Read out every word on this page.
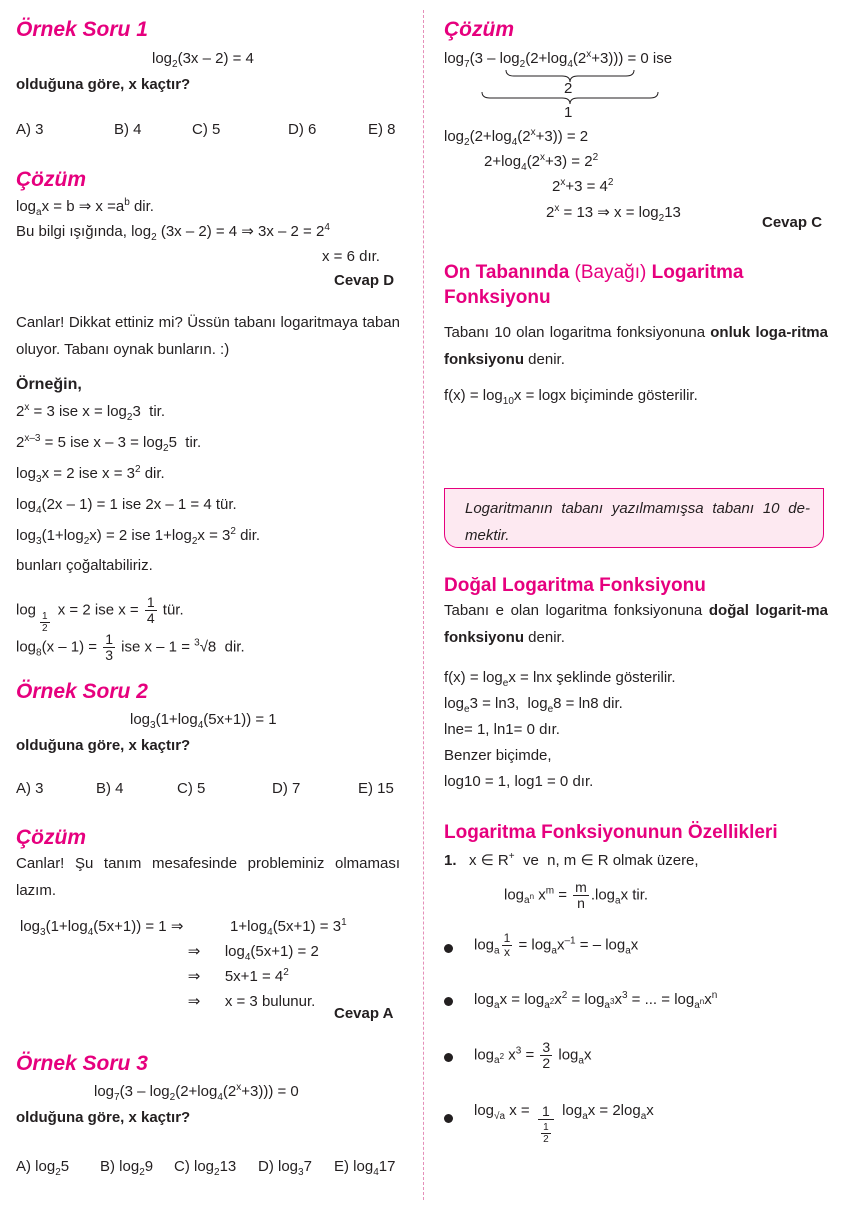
Örnek Soru 1
$\log_2(3x - 2) = 4$
olduğuna göre, x kaçtır?
A) 3	B) 4	C) 5	D) 6	E) 8
Çözüm
$\log_ax = b$ ⇒ $x =a^b$ dir.
Bu bilgi ışığında, $\log_2 (3x - 2) = 4$ ⇒ $3x - 2 = 2^4$
x = 6 dır.
Cevap D
Canlar! Dikkat ettiniz mi? Üssün tabanı logaritmaya taban oluyor. Tabanı oynak bunların. :)
Örneğin,
$2^x = 3$ ise $x = \log_23$  tir.
$2^{x-3} = 5$ ise $x - 3 = \log_25$  tir.
$\log_3x = 2$ ise $x = 3^2$ dir.
$\log_4(2x - 1) = 1$ ise 2x – 1 = 4 tür.
$\log_3(1+\log_2x) = 2$ ise $1+\log_2x = 3^2$ dir.
bunları çoğaltabiliriz.
log
$\frac{1}{2}$
x = 2 ise $x = \frac{1}{4}$ tür.
$\log_8(x - 1) = \frac{1}{3}$ ise x – 1 = $^3$√8  dir.
Örnek Soru 2
$\log_3(1+\log_4(5x+1)) = 1$
olduğuna göre, x kaçtır?
A) 3	B) 4	C) 5	D) 7	E) 15
Çözüm
Canlar! Şu tanım mesafesinde probleminiz olmaması lazım.
$\log_3(1+\log_4(5x+1)) = 1$ ⇒	$1+\log_4(5x+1) = 3^1$
⇒     $\log_4(5x+1) = 2$
⇒     $5x+1 = 4^2$
⇒     x = 3 bulunur.
Cevap A
Örnek Soru 3
$\log_7(3 - \log_2(2+\log_4(2^x+3))) = 0$
olduğuna göre, x kaçtır?
A) $\log_25$ B) $\log_29$ C) $\log_213$ D) $\log_37$ E) $\log_417$
Çözüm
$\log_7(3 - \log_2(2+\log_4(2^x+3))) = 0$ ise
2
1
$\log_2(2+\log_4(2^x+3)) = 2$
$2+\log_4(2^x+3) = 2^2$
$2^x+3 = 4^2$
$2^x = 13$ ⇒ $x = \log_213$
Cevap C
On Tabanında (Bayağı) Logaritma
Fonksiyonu
Tabanı 10 olan logaritma fonksiyonuna onluk loga-ritma fonksiyonu denir.
$f(x) = \log_{10}x = \log x$ biçiminde gösterilir.
Logaritmanın tabanı yazılmamışsa tabanı 10 de-mektir.
Doğal Logaritma Fonksiyonu
Tabanı e olan logaritma fonksiyonuna doğal logarit-ma fonksiyonu denir.
$f(x) = \log_ex = \ln x$ şeklinde gösterilir.
$\log_e3 = \ln 3$,  $\log_e8 = \ln 8$ dir.
lne= 1, ln1= 0 dır.
Benzer biçimde,
log10 = 1, log1 = 0 dır.
Logaritma Fonksiyonunun Özellikleri
1.   x ∈ R+  ve  n, m ∈ R olmak üzere,
$\log_{a^n} x^m = \frac{m}{n} .\log_ax$ tir.
$\log_a \frac{1}{x} = \log_ax^{-1}$ = – $\log_ax$
$\log_ax = \log_{a^2}x^2 = \log_{a^3}x^3$ = ... = $\log_{a^n}x^n$
$\log_{a^2} x^3 = \frac{3}{2} \log_ax$
$\log_{√a} x = \frac{1}{\frac{1}{2}} \log_ax = 2\log_ax$
